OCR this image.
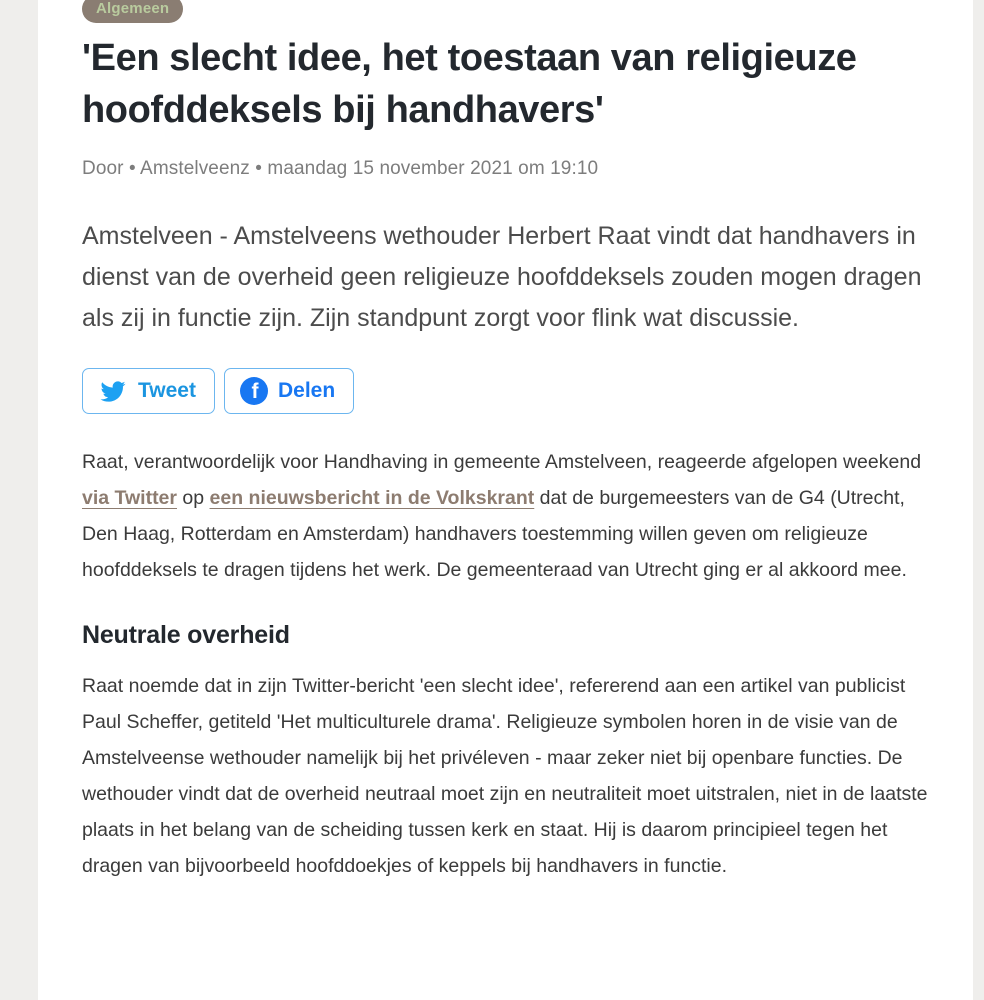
Algemeen
'Een slecht idee, het toestaan van religieuze hoofddeksels bij handhavers'
Door • Amstelveenz • maandag 15 november 2021 om 19:10

Amstelveen - Amstelveens wethouder Herbert Raat vindt dat handhavers in dienst van de overheid geen religieuze hoofddeksels zouden mogen dragen als zij in functie zijn. Zijn standpunt zorgt voor flink wat discussie.

Tweet	f Delen

Raat, verantwoordelijk voor Handhaving in gemeente Amstelveen, reageerde afgelopen weekend via Twitter op een nieuwsbericht in de Volkskrant dat de burgemeesters van de G4 (Utrecht, Den Haag, Rotterdam en Amsterdam) handhavers toestemming willen geven om religieuze hoofddeksels te dragen tijdens het werk. De gemeenteraad van Utrecht ging er al akkoord mee.

Neutrale overheid

Raat noemde dat in zijn Twitter-bericht 'een slecht idee', refererend aan een artikel van publicist Paul Scheffer, getiteld 'Het multiculturele drama'. Religieuze symbolen horen in de visie van de Amstelveense wethouder namelijk bij het privéleven - maar zeker niet bij openbare functies. De wethouder vindt dat de overheid neutraal moet zijn en neutraliteit moet uitstralen, niet in de laatste plaats in het belang van de scheiding tussen kerk en staat. Hij is daarom principieel tegen het dragen van bijvoorbeeld hoofddoekjes of keppels bij handhavers in functie.
